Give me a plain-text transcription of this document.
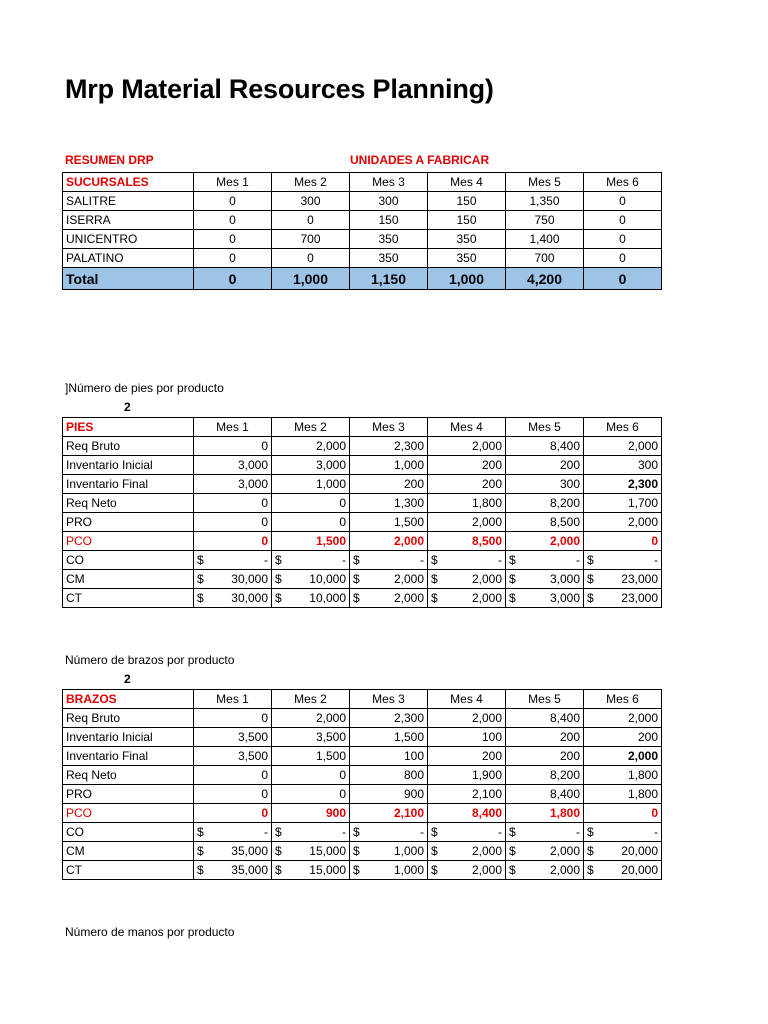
Mrp Material Resources Planning)
RESUMEN DRP	UNIDADES A FABRICAR
SUCURSALES	Mes 1	Mes 2	Mes 3	Mes 4	Mes 5	Mes 6
SALITRE	0	300	300	150	1,350	0
ISERRA	0	0	150	150	750	0
UNICENTRO	0	700	350	350	1,400	0
PALATINO	0	0	350	350	700	0
Total	0	1,000	1,150	1,000	4,200	0
]Número de pies por producto
2
PIES	Mes 1	Mes 2	Mes 3	Mes 4	Mes 5	Mes 6
Req Bruto	0	2,000	2,300	2,000	8,400	2,000
Inventario Inicial	3,000	3,000	1,000	200	200	300
Inventario Final	3,000	1,000	200	200	300	2,300
Req Neto	0	0	1,300	1,800	8,200	1,700
PRO	0	0	1,500	2,000	8,500	2,000
PCO	0	1,500	2,000	8,500	2,000	0
CO	$ -	$ -	$ -	$ -	$ -	$ -

CM	$ 30,000	$ 10,000	$ 2,000	$ 2,000	$ 3,000	$ 23,000

CT	$ 30,000	$ 10,000	$ 2,000	$ 2,000	$ 3,000	$ 23,000
Número de brazos por producto
2
BRAZOS	Mes 1	Mes 2	Mes 3	Mes 4	Mes 5	Mes 6
Req Bruto	0	2,000	2,300	2,000	8,400	2,000
Inventario Inicial	3,500	3,500	1,500	100	200	200
Inventario Final	3,500	1,500	100	200	200	2,000
Req Neto	0	0	800	1,900	8,200	1,800
PRO	0	0	900	2,100	8,400	1,800
PCO	0	900	2,100	8,400	1,800	0
CO	$ -	$ -	$ -	$ -	$ -	$ -

CM	$ 35,000	$ 15,000	$ 1,000	$ 2,000	$ 2,000	$ 20,000

CT	$ 35,000	$ 15,000	$ 1,000	$ 2,000	$ 2,000	$ 20,000
Número de manos por producto
